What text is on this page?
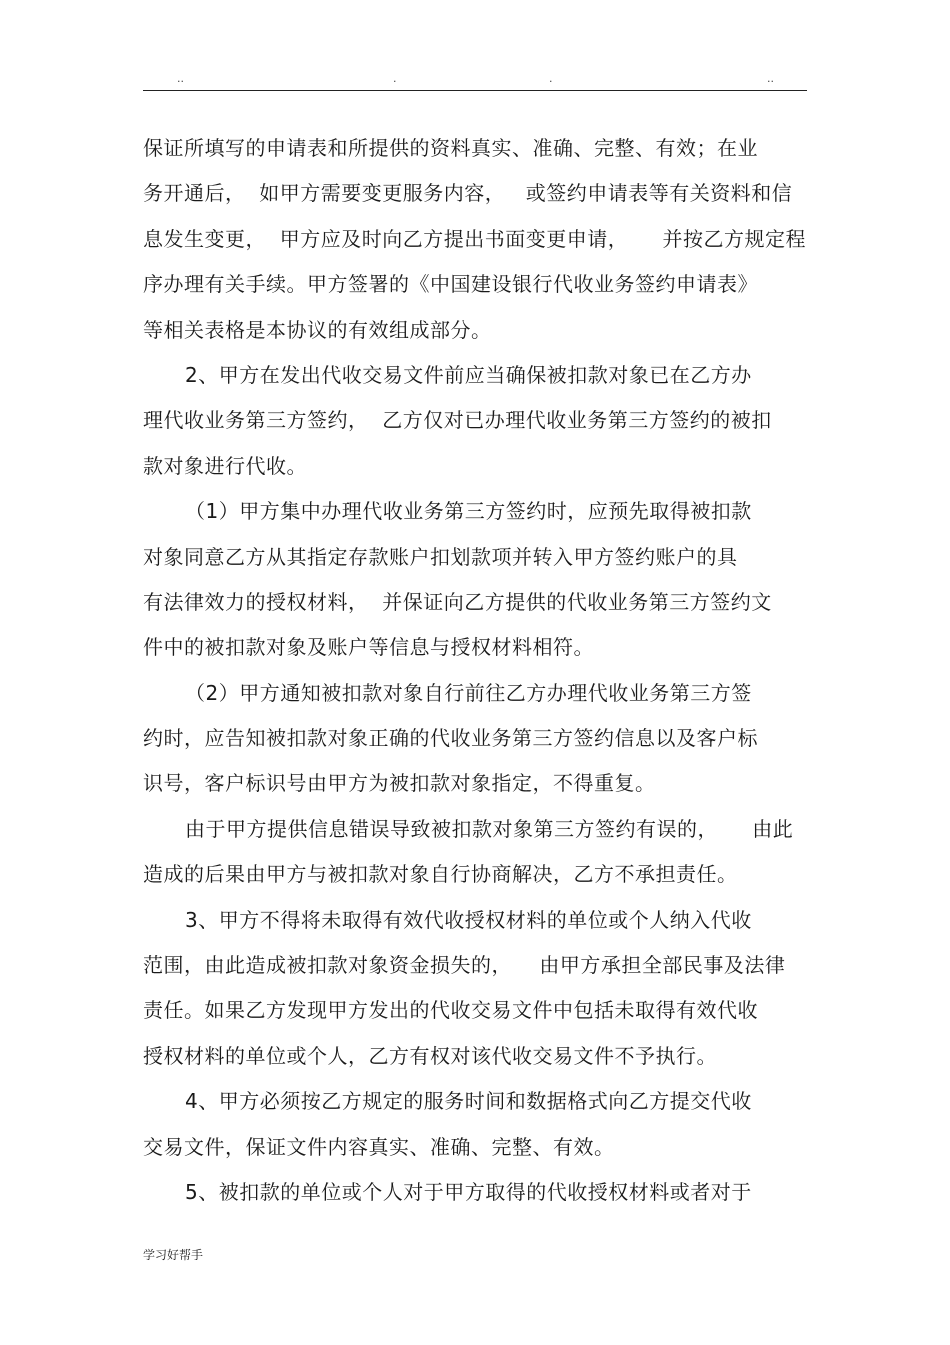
..	.	.	..
保证所填写的申请表和所提供的资料真实、准确、完整、有效；在业
务开通后，  如甲方需要变更服务内容，   或签约申请表等有关资料和信
息发生变更，  甲方应及时向乙方提出书面变更申请，     并按乙方规定程
序办理有关手续。甲方签署的《中国建设银行代收业务签约申请表》
等相关表格是本协议的有效组成部分。
2、甲方在发出代收交易文件前应当确保被扣款对象已在乙方办
理代收业务第三方签约，  乙方仅对已办理代收业务第三方签约的被扣
款对象进行代收。
（1）甲方集中办理代收业务第三方签约时，应预先取得被扣款
对象同意乙方从其指定存款账户扣划款项并转入甲方签约账户的具
有法律效力的授权材料，  并保证向乙方提供的代收业务第三方签约文
件中的被扣款对象及账户等信息与授权材料相符。
（2）甲方通知被扣款对象自行前往乙方办理代收业务第三方签
约时，应告知被扣款对象正确的代收业务第三方签约信息以及客户标
识号，客户标识号由甲方为被扣款对象指定，不得重复。
由于甲方提供信息错误导致被扣款对象第三方签约有误的，     由此
造成的后果由甲方与被扣款对象自行协商解决，乙方不承担责任。
3、甲方不得将未取得有效代收授权材料的单位或个人纳入代收
范围，由此造成被扣款对象资金损失的，    由甲方承担全部民事及法律
责任。如果乙方发现甲方发出的代收交易文件中包括未取得有效代收
授权材料的单位或个人，乙方有权对该代收交易文件不予执行。
4、甲方必须按乙方规定的服务时间和数据格式向乙方提交代收
交易文件，保证文件内容真实、准确、完整、有效。
5、被扣款的单位或个人对于甲方取得的代收授权材料或者对于
学习好帮手
